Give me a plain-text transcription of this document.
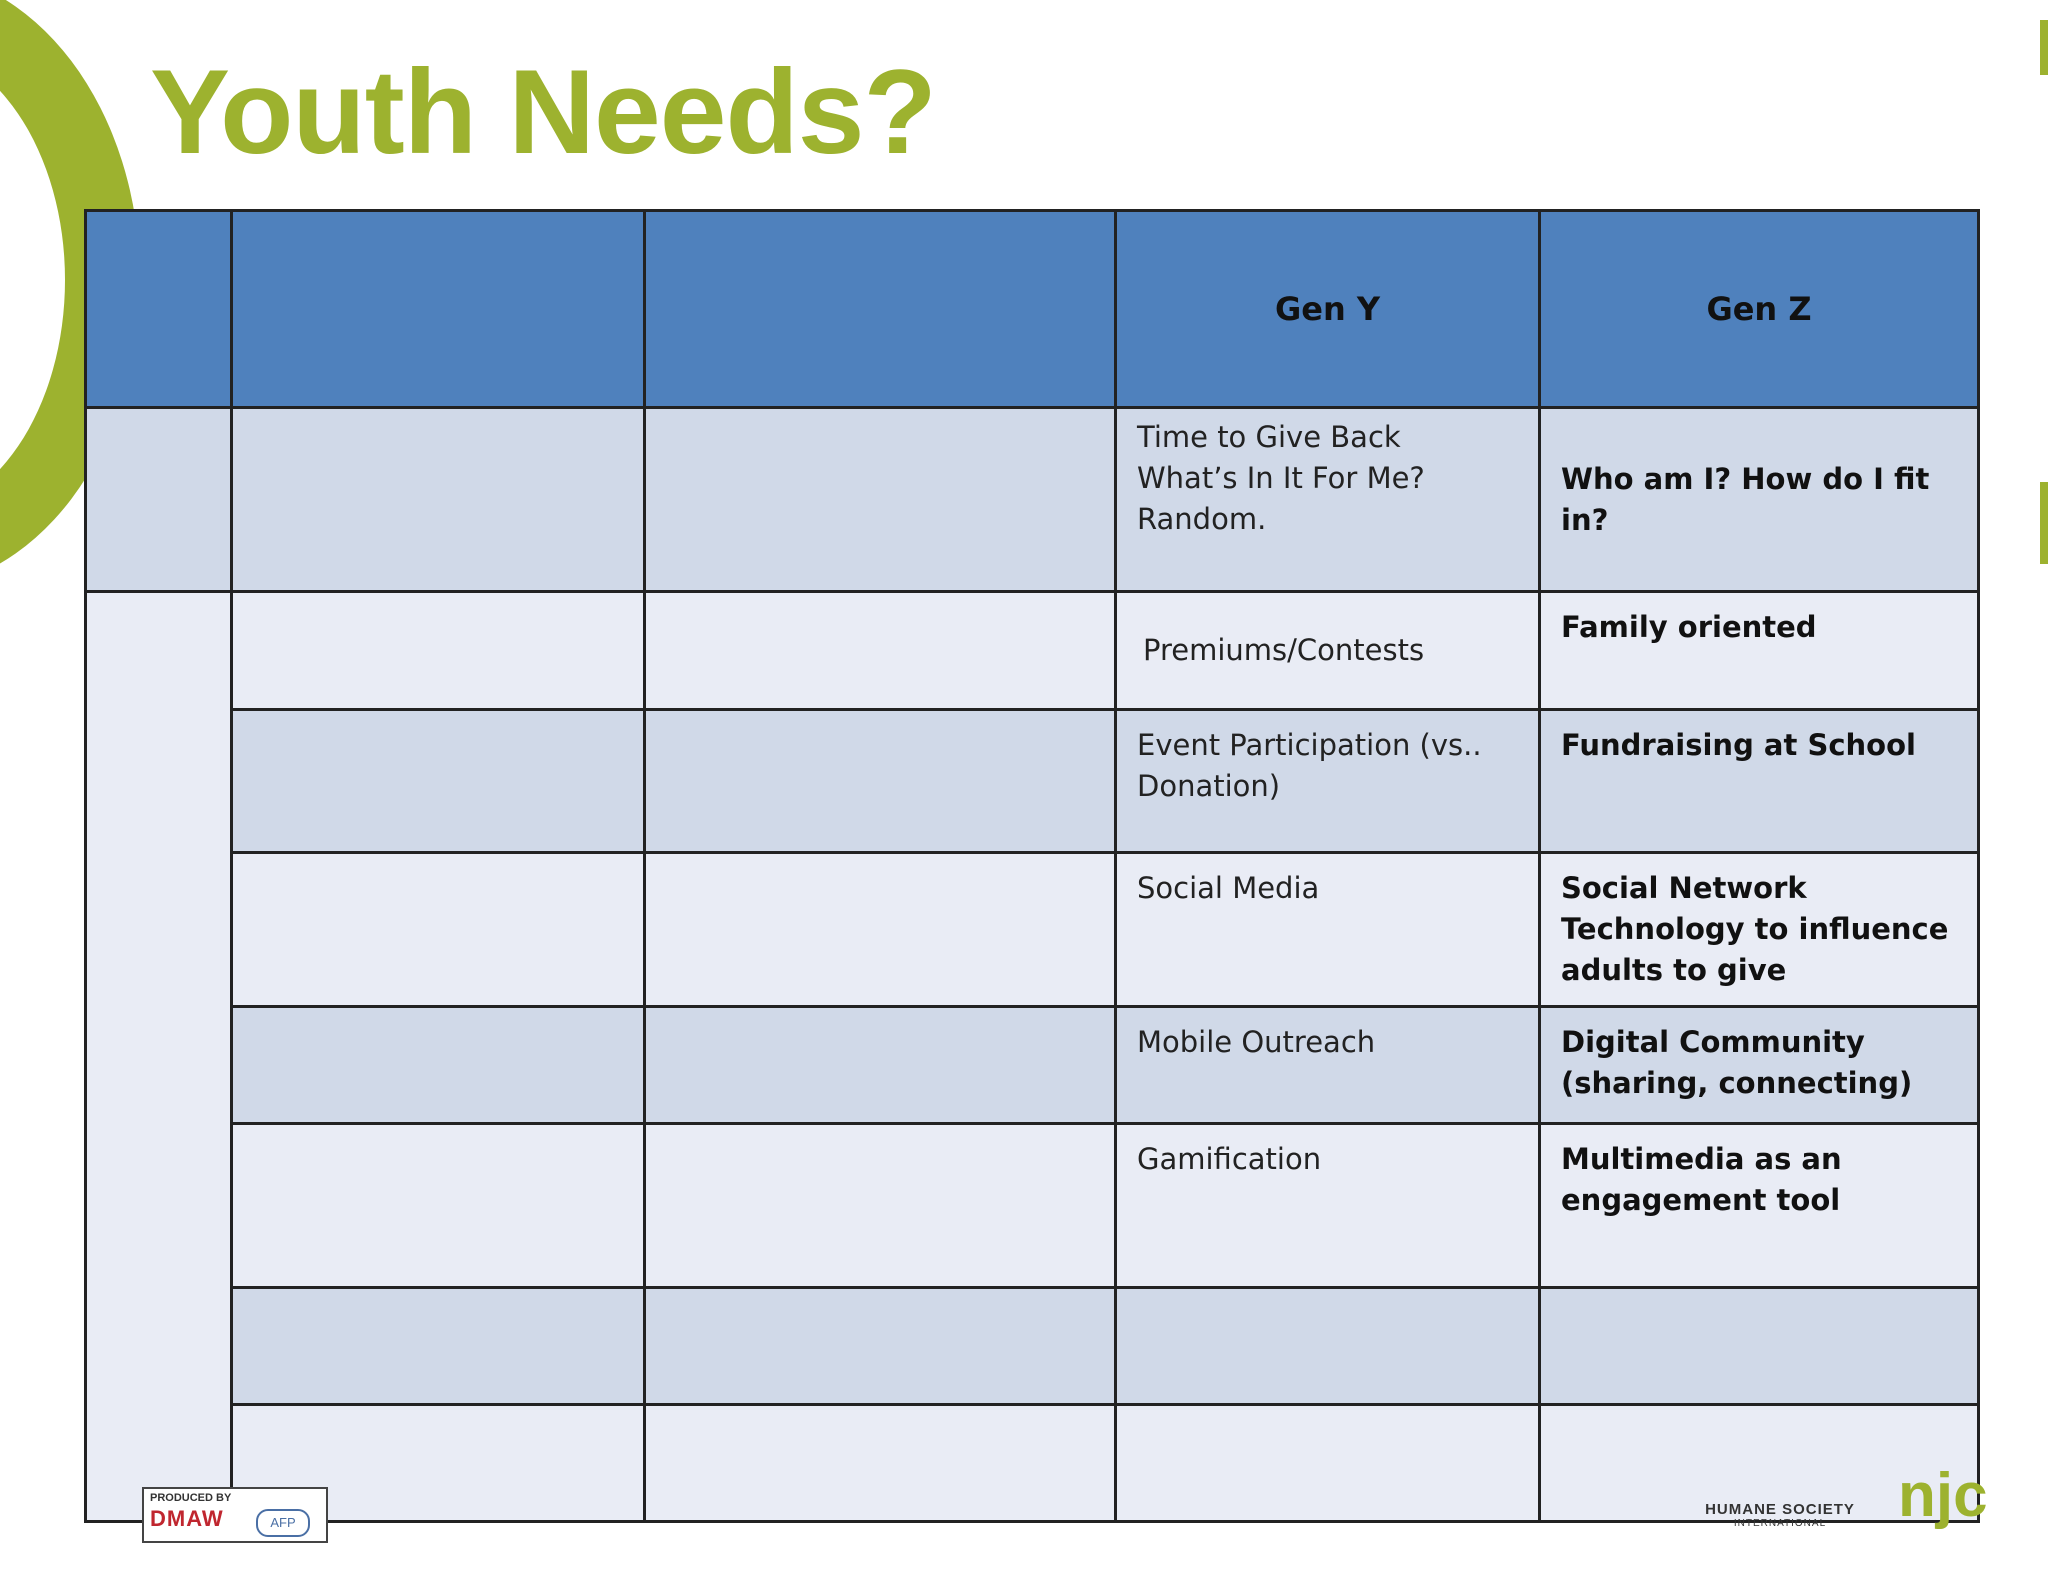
Youth Needs?
			Gen Y	Gen Z

			Time to Give Back
What’s In It For Me?
Random.	Who am I? How do I fit in?

			Premiums/Contests	Family oriented

			Event Participation (vs..
Donation)	Fundraising at School

			Social Media	Social Network Technology to influence adults to give

			Mobile Outreach	Digital Community (sharing, connecting)

			Gamification	Multimedia as an engagement tool

PRODUCED BY
DMAW	AFP
HUMANE SOCIETY
INTERNATIONAL	njc
